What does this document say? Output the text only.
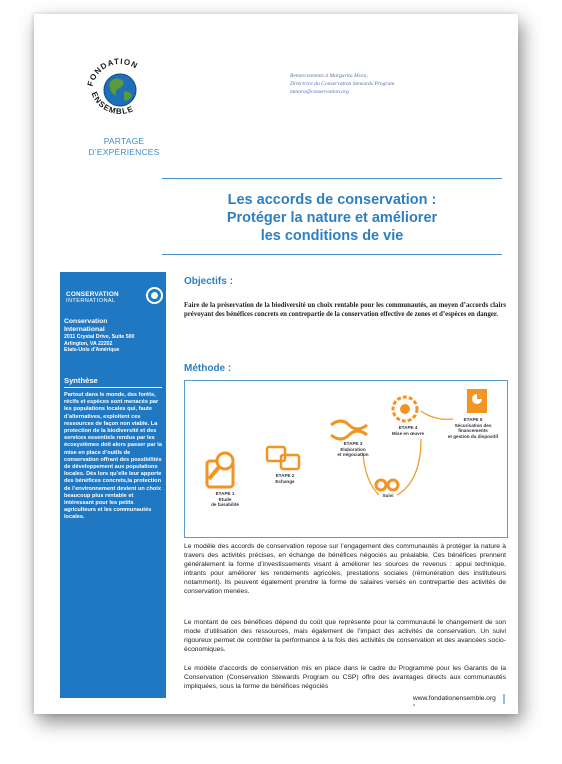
FONDATION
ENSEMBLE
PARTAGE
D’EXPÉRIENCES
Remerciements à Margarita Mora,
Directrice du Conservation Stewards Program
mmora@conservation.org
Les accords de conservation :
Protéger la nature et améliorer
les conditions de vie
CONSERVATION
INTERNATIONAL
Conservation
International
2011 Crystal Drive, Suite 500
Arlington, VA 22202
Etats-Unis d'Amérique
Synthèse
Partout dans le monde, des forêts, récifs et espèces sont menacés par les populations locales qui, faute d’alternatives, exploitent ces ressources de façon non viable. La protection de la biodiversité et des services essentiels rendus par les écosystèmes doit alors passer par la mise en place d’outils de conservation offrant des possibilités de développement aux populations locales. Dès lors qu’elle leur apporte des bénéfices concrets,la protection de l’environnement devient un choix beaucoup plus rentable et intéressant pour les petits agriculteurs et les communautés locales.
Objectifs :
Faire de la préservation de la biodiversité un choix rentable pour les communautés, au moyen d’accords clairs prévoyant des bénéfices concrets en contrepartie de la conservation effective de zones et d’espèces en danger.
Méthode :
ETAPE 1
Etude
de faisabilité
ETAPE 2
Echange
ETAPE 3
Elaboration
et négociation
ETAPE 4
Mise en œuvre
ETAPE 5
Sécurisation des financements
et gestion du dispositif
Suivi
Le modèle des accords de conservation repose sur l’engagement des communautés à protéger la nature à travers des activités précises, en échange de bénéfices négociés au préalable. Ces bénéfices prennent généralement la forme d’investissements visant à améliorer les sources de revenus : appui technique, intrants pour améliorer les rendements agricoles, prestations sociales (rémunération des instituteurs notamment). Ils peuvent également prendre la forme de salaires versés en contrepartie des activités de conservation menées.
Le montant de ces bénéfices dépend du coût que représente pour la communauté le changement de son mode d’utilisation des ressources, mais également de l’impact des activités de conservation. Un suivi rigoureux permet de contrôler la performance à la fois des activités de conservation et des avancées socio-économiques.
Le modèle d’accords de conservation mis en place dans le cadre du Programme pour les Garants de la Conservation (Conservation Stewards Program ou CSP) offre des avantages directs aux communautés impliquées, sous la forme de bénéfices négociés
www.fondationensemble.org
